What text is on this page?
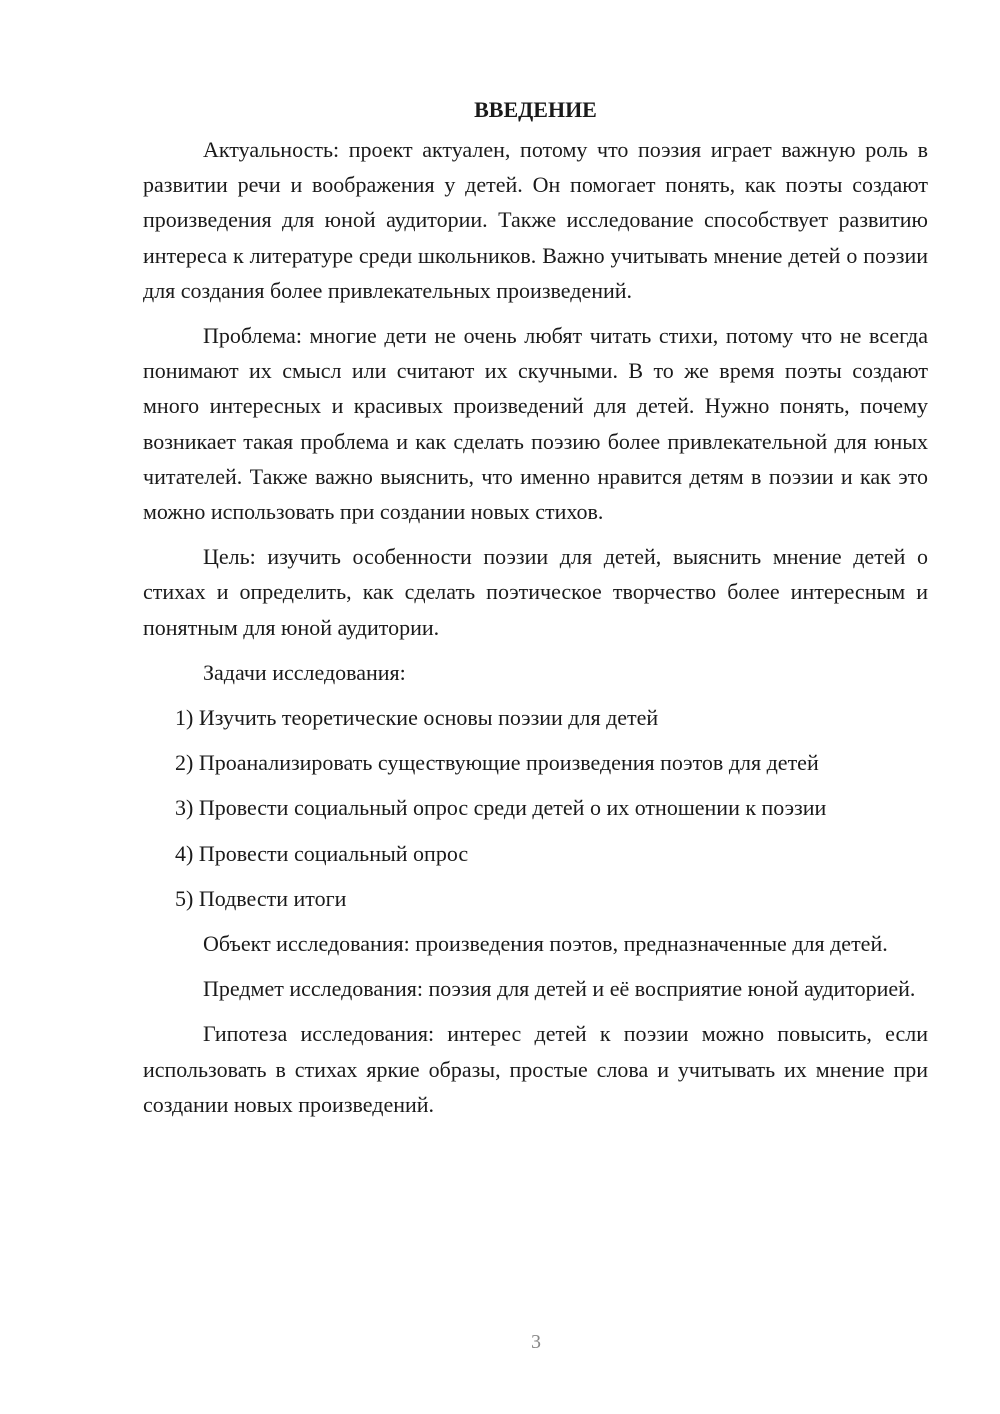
ВВЕДЕНИЕ

Актуальность: проект актуален, потому что поэзия играет важную роль в развитии речи и воображения у детей. Он помогает понять, как поэты создают произведения для юной аудитории. Также исследование способствует развитию интереса к литературе среди школьников. Важно учитывать мнение детей о поэзии для создания более привлекательных произведений.

Проблема: многие дети не очень любят читать стихи, потому что не всегда понимают их смысл или считают их скучными. В то же время поэты создают много интересных и красивых произведений для детей. Нужно понять, почему возникает такая проблема и как сделать поэзию более привлекательной для юных читателей. Также важно выяснить, что именно нравится детям в поэзии и как это можно использовать при создании новых стихов.

Цель: изучить особенности поэзии для детей, выяснить мнение детей о стихах и определить, как сделать поэтическое творчество более интересным и понятным для юной аудитории.

Задачи исследования:

1) Изучить теоретические основы поэзии для детей
2) Проанализировать существующие произведения поэтов для детей
3) Провести социальный опрос среди детей о их отношении к поэзии
4) Провести социальный опрос
5) Подвести итоги

Объект исследования: произведения поэтов, предназначенные для детей.

Предмет исследования: поэзия для детей и её восприятие юной аудиторией.

Гипотеза исследования: интерес детей к поэзии можно повысить, если использовать в стихах яркие образы, простые слова и учитывать их мнение при создании новых произведений.

3
